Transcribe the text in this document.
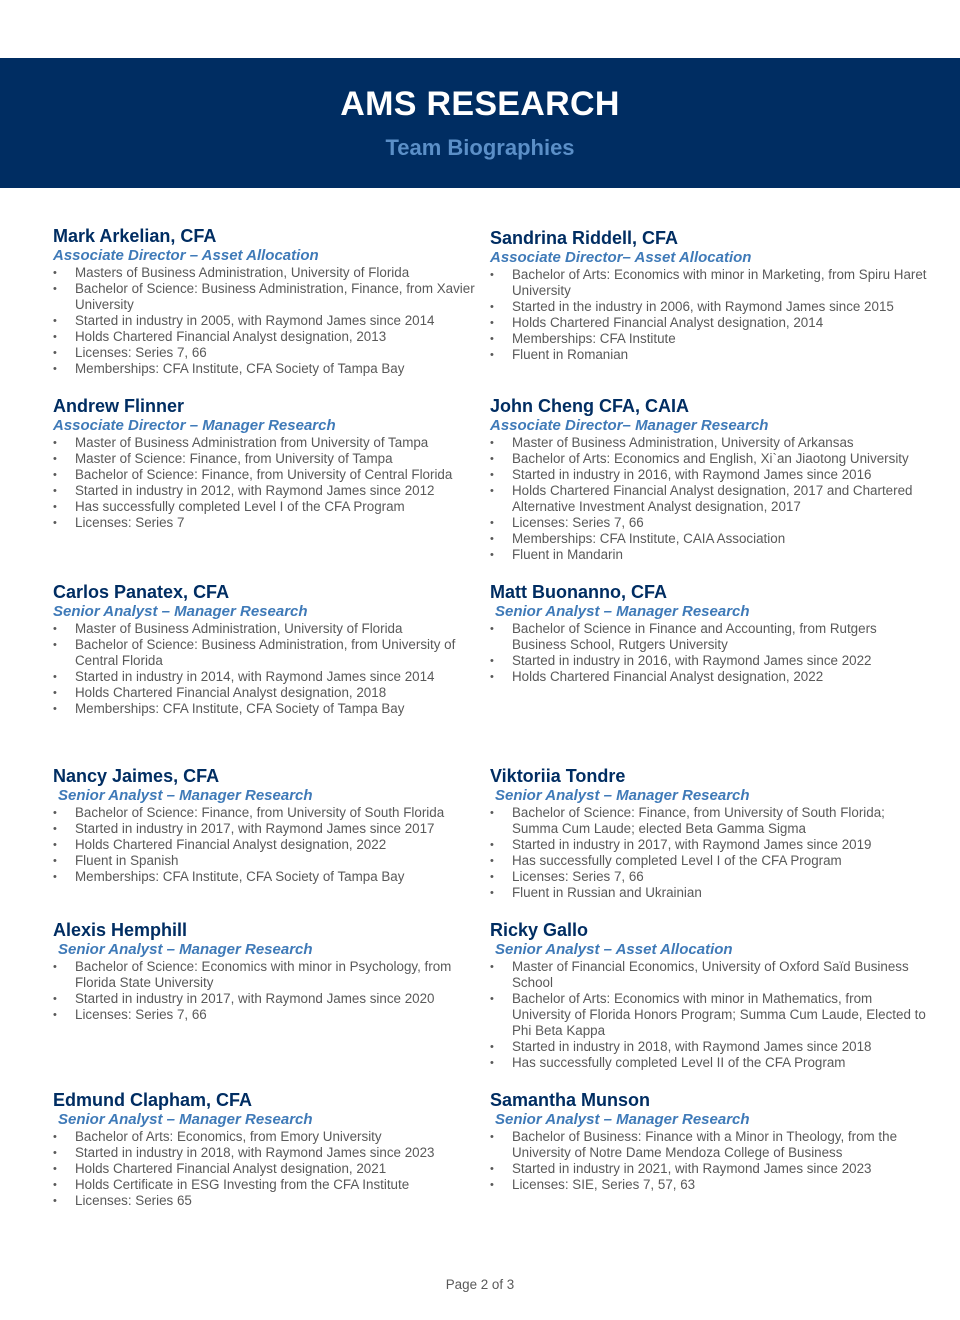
AMS RESEARCH
Team Biographies
Mark Arkelian, CFA
Associate Director – Asset Allocation
• Masters of Business Administration, University of Florida
• Bachelor of Science: Business Administration, Finance, from Xavier University
• Started in industry in 2005, with Raymond James since 2014
• Holds Chartered Financial Analyst designation, 2013
• Licenses: Series 7, 66
• Memberships: CFA Institute, CFA Society of Tampa Bay
Sandrina Riddell, CFA
Associate Director– Asset Allocation
• Bachelor of Arts: Economics with minor in Marketing, from Spiru Haret University
• Started in the industry in 2006, with Raymond James since 2015
• Holds Chartered Financial Analyst designation, 2014
• Memberships: CFA Institute
• Fluent in Romanian
Andrew Flinner
Associate Director – Manager Research
• Master of Business Administration from University of Tampa
• Master of Science: Finance, from University of Tampa
• Bachelor of Science: Finance, from University of Central Florida
• Started in industry in 2012, with Raymond James since 2012
• Has successfully completed Level I of the CFA Program
• Licenses: Series 7
John Cheng CFA, CAIA
Associate Director– Manager Research
• Master of Business Administration, University of Arkansas
• Bachelor of Arts: Economics and English, Xi`an Jiaotong University
• Started in industry in 2016, with Raymond James since 2016
• Holds Chartered Financial Analyst designation, 2017 and Chartered Alternative Investment Analyst designation, 2017
• Licenses: Series 7, 66
• Memberships: CFA Institute, CAIA Association
• Fluent in Mandarin
Carlos Panatex, CFA
Senior Analyst – Manager Research
• Master of Business Administration, University of Florida
• Bachelor of Science: Business Administration, from University of Central Florida
• Started in industry in 2014, with Raymond James since 2014
• Holds Chartered Financial Analyst designation, 2018
• Memberships: CFA Institute, CFA Society of Tampa Bay
Matt Buonanno, CFA
Senior Analyst – Manager Research
• Bachelor of Science in Finance and Accounting, from Rutgers Business School, Rutgers University
• Started in industry in 2016, with Raymond James since 2022
• Holds Chartered Financial Analyst designation, 2022
Nancy Jaimes, CFA
Senior Analyst – Manager Research
• Bachelor of Science: Finance, from University of South Florida
• Started in industry in 2017, with Raymond James since 2017
• Holds Chartered Financial Analyst designation, 2022
• Fluent in Spanish
• Memberships: CFA Institute, CFA Society of Tampa Bay
Viktoriia Tondre
Senior Analyst – Manager Research
• Bachelor of Science: Finance, from University of South Florida; Summa Cum Laude; elected Beta Gamma Sigma
• Started in industry in 2017, with Raymond James since 2019
• Has successfully completed Level I of the CFA Program
• Licenses: Series 7, 66
• Fluent in Russian and Ukrainian
Alexis Hemphill
Senior Analyst – Manager Research
• Bachelor of Science: Economics with minor in Psychology, from Florida State University
• Started in industry in 2017, with Raymond James since 2020
• Licenses: Series 7, 66
Ricky Gallo
Senior Analyst – Asset Allocation
• Master of Financial Economics, University of Oxford Saïd Business School
• Bachelor of Arts: Economics with minor in Mathematics, from University of Florida Honors Program; Summa Cum Laude, Elected to Phi Beta Kappa
• Started in industry in 2018, with Raymond James since 2018
• Has successfully completed Level II of the CFA Program
Edmund Clapham, CFA
Senior Analyst – Manager Research
• Bachelor of Arts: Economics, from Emory University
• Started in industry in 2018, with Raymond James since 2023
• Holds Chartered Financial Analyst designation, 2021
• Holds Certificate in ESG Investing from the CFA Institute
• Licenses: Series 65
Samantha Munson
Senior Analyst – Manager Research
• Bachelor of Business: Finance with a Minor in Theology, from the University of Notre Dame Mendoza College of Business
• Started in industry in 2021, with Raymond James since 2023
• Licenses: SIE, Series 7, 57, 63
Page 2 of 3
